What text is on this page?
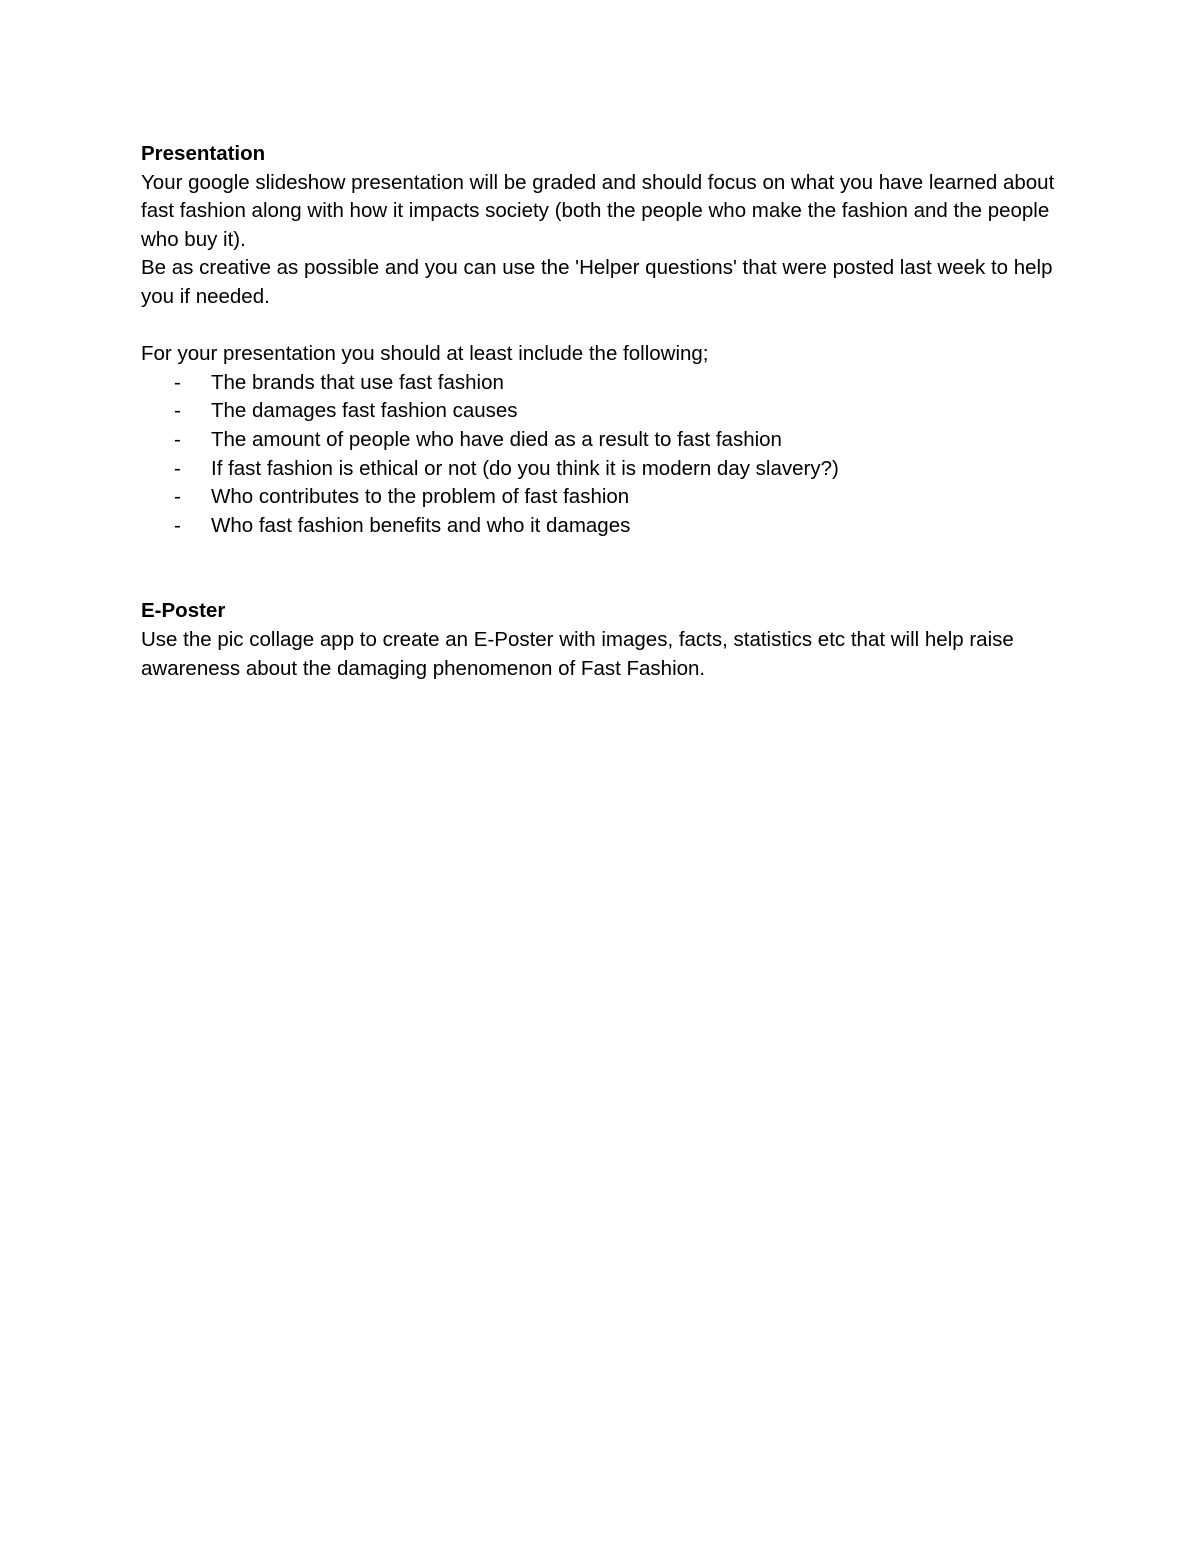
Presentation

Your google slideshow presentation will be graded and should focus on what you have learned about fast fashion along with how it impacts society (both the people who make the fashion and the people who buy it).

Be as creative as possible and you can use the 'Helper questions' that were posted last week to help you if needed.

For your presentation you should at least include the following;

- The brands that use fast fashion
- The damages fast fashion causes
- The amount of people who have died as a result to fast fashion
- If fast fashion is ethical or not (do you think it is modern day slavery?)
- Who contributes to the problem of fast fashion
- Who fast fashion benefits and who it damages

E-Poster

Use the pic collage app to create an E-Poster with images, facts, statistics etc that will help raise awareness about the damaging phenomenon of Fast Fashion.
